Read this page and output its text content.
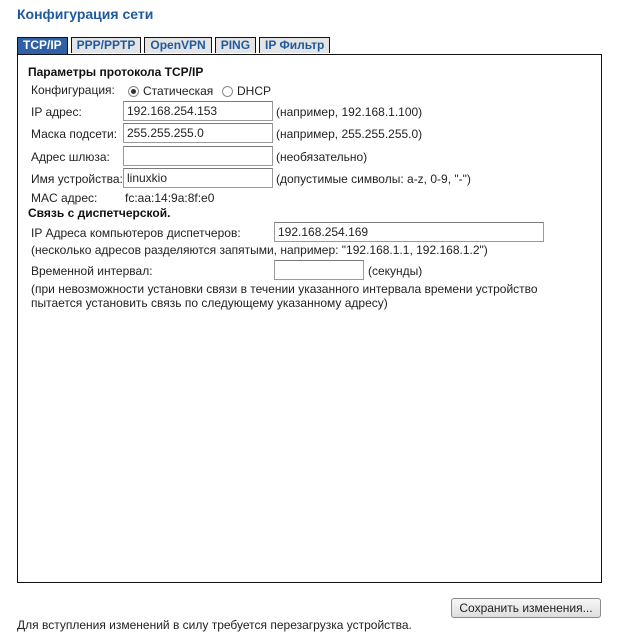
Конфигурация сети
TCP/IP	PPP/PPTP	OpenVPN	PING	IP Фильтр
Параметры протокола TCP/IP
Конфигурация: Статическая DHCP
IP адрес:
192.168.254.153	(например, 192.168.1.100)
Маска подсети:
255.255.255.0	(например, 255.255.255.0)
Адрес шлюза:	(необязательно)
Имя устройства:
linuxkio	(допустимые символы: a-z, 0-9, "-")
MAC адрес: fc:aa:14:9a:8f:e0
Связь с диспетчерской.
IP Адреса компьютеров диспетчеров:
192.168.254.169
(несколько адресов разделяются запятыми, например: "192.168.1.1, 192.168.1.2")
Временной интервал:	(секунды)
(при невозможности установки связи в течении указанного интервала времени устройство
пытается установить связь по следующему указанному адресу)
Сохранить изменения...
Для вступления изменений в силу требуется перезагрузка устройства.
